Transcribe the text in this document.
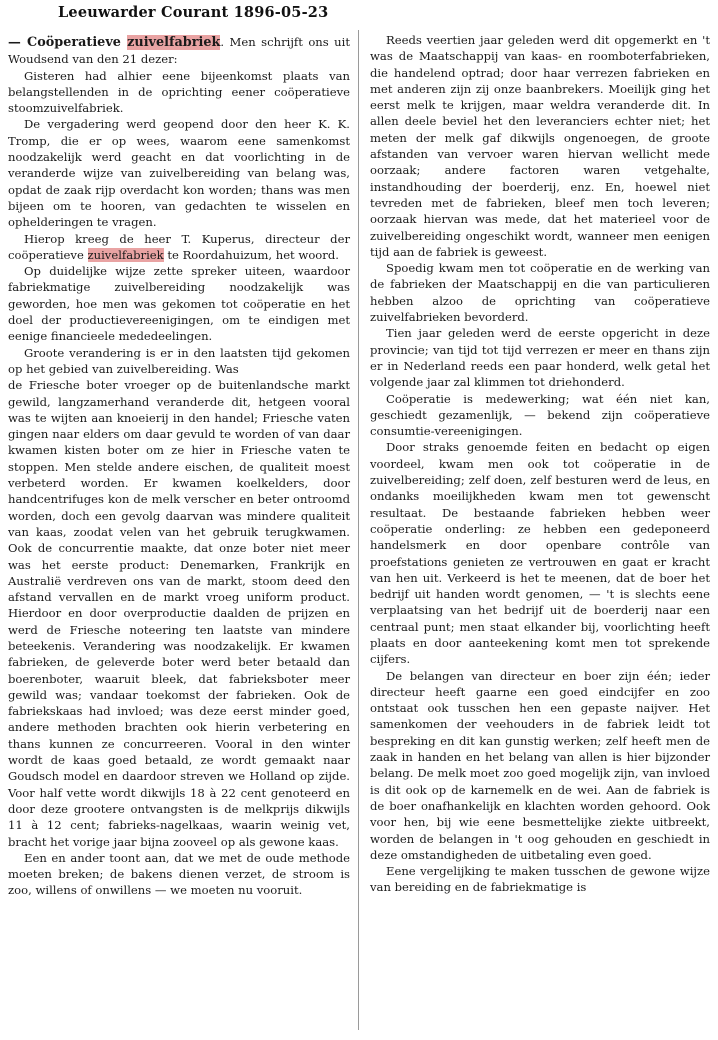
Leeuwarder Courant 1896-05-23

— Coöperatieve zuivelfabriek. Men schrijft ons uit Woudsend van den 21 dezer:

Gisteren had alhier eene bijeenkomst plaats van belangstellenden in de oprichting eener coöperatieve stoomzuivelfabriek.

De vergadering werd geopend door den heer K. K. Tromp, die er op wees, waarom eene samenkomst noodzakelijk werd geacht en dat voorlichting in de veranderde wijze van zuivelbereiding van belang was, opdat de zaak rijp overdacht kon worden; thans was men bijeen om te hooren, van gedachten te wisselen en ophelderingen te vragen.

Hierop kreeg de heer T. Kuperus, directeur der coöperatieve zuivelfabriek te Roordahuizum, het woord.

Op duidelijke wijze zette spreker uiteen, waardoor fabriekmatige zuivelbereiding noodzakelijk was geworden, hoe men was gekomen tot coöperatie en het doel der productievereenigingen, om te eindigen met eenige financieele mededeelingen.

Groote verandering is er in den laatsten tijd gekomen op het gebied van zuivelbereiding. Was

de Friesche boter vroeger op de buitenlandsche markt gewild, langzamerhand veranderde dit, hetgeen vooral was te wijten aan knoeierij in den handel; Friesche vaten gingen naar elders om daar gevuld te worden of van daar kwamen kisten boter om ze hier in Friesche vaten te stoppen. Men stelde andere eischen, de qualiteit moest verbeterd worden. Er kwamen koelkelders, door handcentrifuges kon de melk verscher en beter ontroomd worden, doch een gevolg daarvan was mindere qualiteit van kaas, zoodat velen van het gebruik terugkwamen. Ook de concurrentie maakte, dat onze boter niet meer was het eerste product: Denemarken, Frankrijk en Australië verdreven ons van de markt, stoom deed den afstand vervallen en de markt vroeg uniform product. Hierdoor en door overproductie daalden de prijzen en werd de Friesche noteering ten laatste van mindere beteekenis. Verandering was noodzakelijk. Er kwamen fabrieken, de geleverde boter werd beter betaald dan boerenboter, waaruit bleek, dat fabrieksboter meer gewild was; vandaar toekomst der fabrieken. Ook de fabriekskaas had invloed; was deze eerst minder goed, andere methoden brachten ook hierin verbetering en thans kunnen ze concurreeren. Vooral in den winter wordt de kaas goed betaald, ze wordt gemaakt naar Goudsch model en daardoor streven we Holland op zijde. Voor half vette wordt dikwijls 18 à 22 cent genoteerd en door deze grootere ontvangsten is de melkprijs dikwijls 11 à 12 cent; fabrieks-nagelkaas, waarin weinig vet, bracht het vorige jaar bijna zooveel op als gewone kaas.

Een en ander toont aan, dat we met de oude methode moeten breken; de bakens dienen verzet, de stroom is zoo, willens of onwillens — we moeten nu vooruit.

Reeds veertien jaar geleden werd dit opgemerkt en 't was de Maatschappij van kaas- en roomboterfabrieken, die handelend optrad; door haar verrezen fabrieken en met anderen zijn zij onze baanbrekers. Moeilijk ging het eerst melk te krijgen, maar weldra veranderde dit. In allen deele beviel het den leveranciers echter niet; het meten der melk gaf dikwijls ongenoegen, de groote afstanden van vervoer waren hiervan wellicht mede oorzaak; andere factoren waren vetgehalte, instandhouding der boerderij, enz. En, hoewel niet tevreden met de fabrieken, bleef men toch leveren; oorzaak hiervan was mede, dat het materieel voor de zuivelbereiding ongeschikt wordt, wanneer men eenigen tijd aan de fabriek is geweest.

Spoedig kwam men tot coöperatie en de werking van de fabrieken der Maatschappij en die van particulieren hebben alzoo de oprichting van coöperatieve zuivelfabrieken bevorderd.

Tien jaar geleden werd de eerste opgericht in deze provincie; van tijd tot tijd verrezen er meer en thans zijn er in Nederland reeds een paar honderd, welk getal het volgende jaar zal klimmen tot driehonderd.

Coöperatie is medewerking; wat één niet kan, geschiedt gezamenlijk, — bekend zijn coöperatieve consumtie-vereenigingen.

Door straks genoemde feiten en bedacht op eigen voordeel, kwam men ook tot coöperatie in de zuivelbereiding; zelf doen, zelf besturen werd de leus, en ondanks moeilijkheden kwam men tot gewenscht resultaat. De bestaande fabrieken hebben weer coöperatie onderling: ze hebben een gedeponeerd handelsmerk en door openbare contrôle van proefstations genieten ze vertrouwen en gaat er kracht van hen uit. Verkeerd is het te meenen, dat de boer het bedrijf uit handen wordt genomen, — 't is slechts eene verplaatsing van het bedrijf uit de boerderij naar een centraal punt; men staat elkander bij, voorlichting heeft plaats en door aanteekening komt men tot sprekende cijfers.

De belangen van directeur en boer zijn één; ieder directeur heeft gaarne een goed eindcijfer en zoo ontstaat ook tusschen hen een gepaste naijver. Het samenkomen der veehouders in de fabriek leidt tot bespreking en dit kan gunstig werken; zelf heeft men de zaak in handen en het belang van allen is hier bijzonder belang. De melk moet zoo goed mogelijk zijn, van invloed is dit ook op de karnemelk en de wei. Aan de fabriek is de boer onafhankelijk en klachten worden gehoord. Ook voor hen, bij wie eene besmettelijke ziekte uitbreekt, worden de belangen in 't oog gehouden en geschiedt in deze omstandigheden de uitbetaling even goed.

Eene vergelijking te maken tusschen de gewone wijze van bereiding en de fabriekmatige is
